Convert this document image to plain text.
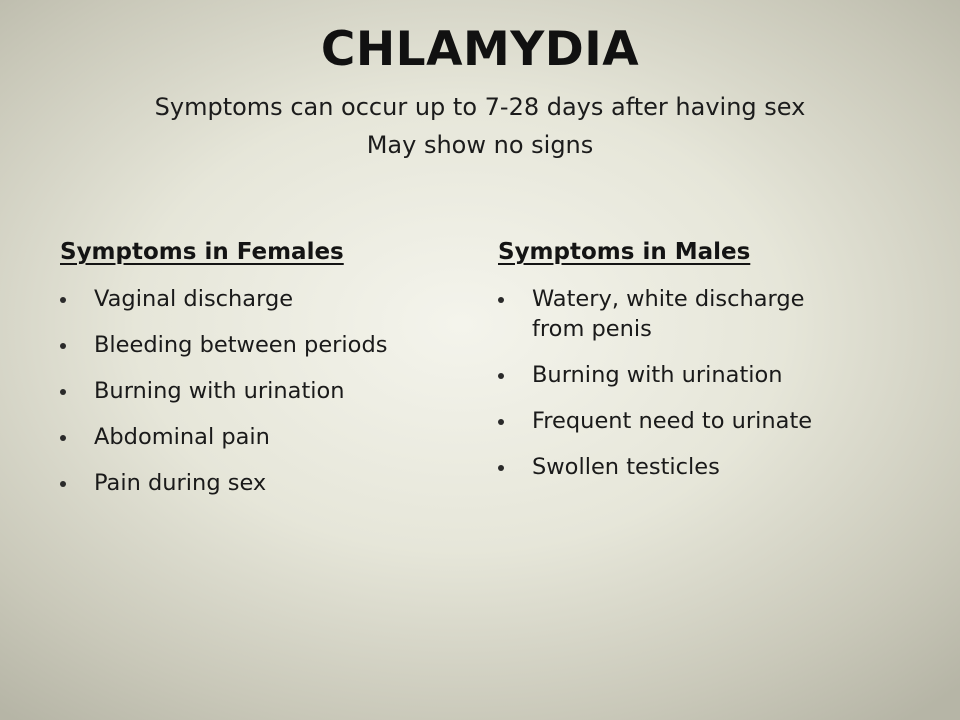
CHLAMYDIA
Symptoms can occur up to 7-28 days after having sex
May show no signs
Symptoms in Females
Vaginal discharge
Bleeding between periods
Burning with urination
Abdominal pain
Pain during sex
Symptoms in Males
Watery, white discharge from penis
Burning with urination
Frequent need to urinate
Swollen testicles
